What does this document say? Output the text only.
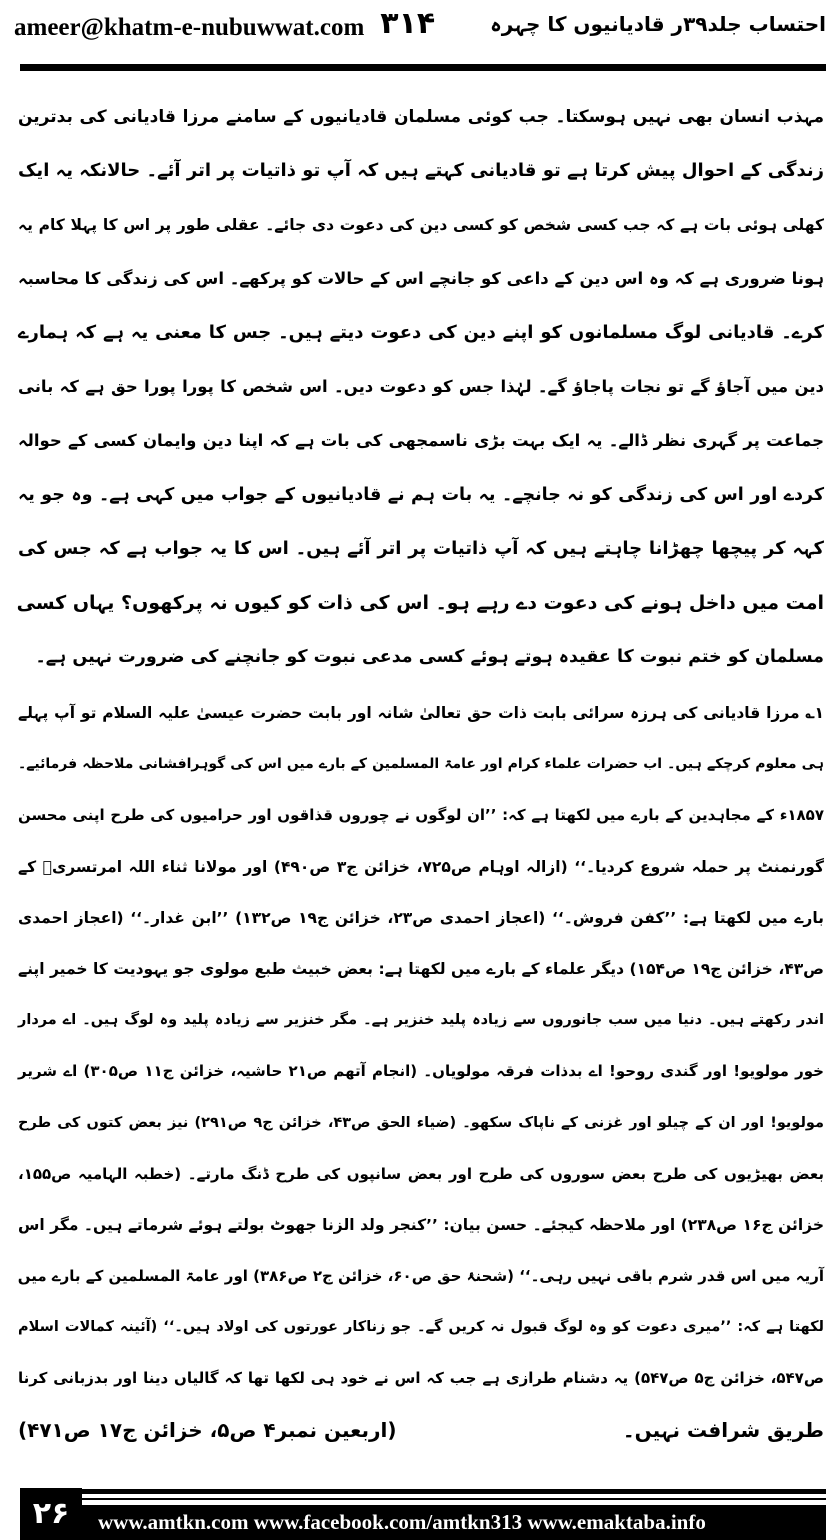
ameer@khatm-e-nubuwwat.com ۳۱۴	احتساب جلد۳۹ر قادیانیوں کا چہرہ
مہذب انسان بھی نہیں ہوسکتا۔ جب کوئی مسلمان قادیانیوں کے سامنے مرزا قادیانی کی بدترین
زندگی کے احوال پیش کرتا ہے تو قادیانی کہتے ہیں کہ آپ تو ذاتیات پر اتر آئے۔ حالانکہ یہ ایک
کھلی ہوئی بات ہے کہ جب کسی شخص کو کسی دین کی دعوت دی جائے۔ عقلی طور پر اس کا پہلا کام یہ
ہونا ضروری ہے کہ وہ اس دین کے داعی کو جانچے اس کے حالات کو پرکھے۔ اس کی زندگی کا محاسبہ
کرے۔ قادیانی لوگ مسلمانوں کو اپنے دین کی دعوت دیتے ہیں۔ جس کا معنی یہ ہے کہ ہمارے
دین میں آجاؤ گے تو نجات پاجاؤ گے۔ لہٰذا جس کو دعوت دیں۔ اس شخص کا پورا پورا حق ہے کہ بانی
جماعت پر گہری نظر ڈالے۔ یہ ایک بہت بڑی ناسمجھی کی بات ہے کہ اپنا دین وایمان کسی کے حوالہ
کردے اور اس کی زندگی کو نہ جانچے۔ یہ بات ہم نے قادیانیوں کے جواب میں کہی ہے۔ وہ جو یہ
کہہ کر پیچھا چھڑانا چاہتے ہیں کہ آپ ذاتیات پر اتر آئے ہیں۔ اس کا یہ جواب ہے کہ جس کی
امت میں داخل ہونے کی دعوت دے رہے ہو۔ اس کی ذات کو کیوں نہ پرکھوں؟ یہاں کسی
مسلمان کو ختم نبوت کا عقیدہ ہوتے ہوئے کسی مدعی نبوت کو جانچنے کی ضرورت نہیں ہے۔
۱؎ مرزا قادیانی کی ہرزہ سرائی بابت ذات حق تعالیٰ شانہ اور بابت حضرت عیسیٰ علیہ السلام تو آپ پہلے
ہی معلوم کرچکے ہیں۔ اب حضرات علماء کرام اور عامۃ المسلمین کے بارے میں اس کی گوہرافشانی ملاحظہ فرمائیے۔
۱۸۵۷ء کے مجاہدین کے بارے میں لکھتا ہے کہ: ’’ان لوگوں نے چوروں قذاقوں اور حرامیوں کی طرح اپنی محسن
گورنمنٹ پر حملہ شروع کردیا۔‘‘ (ازالہ اوہام ص۷۲۵، خزائن ج۳ ص۴۹۰) اور مولانا ثناء اللہ امرتسریؒ کے
بارے میں لکھتا ہے: ’’کفن فروش۔‘‘ (اعجاز احمدی ص۲۳، خزائن ج۱۹ ص۱۳۲) ’’ابن غدار۔‘‘ (اعجاز احمدی
ص۴۳، خزائن ج۱۹ ص۱۵۴) دیگر علماء کے بارے میں لکھتا ہے: بعض خبیث طبع مولوی جو یہودیت کا خمیر اپنے
اندر رکھتے ہیں۔ دنیا میں سب جانوروں سے زیادہ پلید خنزیر ہے۔ مگر خنزیر سے زیادہ پلید وہ لوگ ہیں۔ اے مردار
خور مولویو! اور گندی روحو! اے بدذات فرقہ مولویاں۔ (انجام آتھم ص۲۱ حاشیہ، خزائن ج۱۱ ص۳۰۵) اے شریر
مولویو! اور ان کے چیلو اور غزنی کے ناپاک سکھو۔ (ضیاء الحق ص۴۳، خزائن ج۹ ص۲۹۱) نیز بعض کتوں کی طرح
بعض بھیڑیوں کی طرح بعض سوروں کی طرح اور بعض سانپوں کی طرح ڈنگ مارتے۔ (خطبہ الہامیہ ص۱۵۵،
خزائن ج۱۶ ص۲۳۸) اور ملاحظہ کیجئے۔ حسن بیان: ’’کنجر ولد الزنا جھوٹ بولتے ہوئے شرماتے ہیں۔ مگر اس
آریہ میں اس قدر شرم باقی نہیں رہی۔‘‘ (شحنۂ حق ص۶۰، خزائن ج۲ ص۳۸۶) اور عامۃ المسلمین کے بارے میں
لکھتا ہے کہ: ’’میری دعوت کو وہ لوگ قبول نہ کریں گے۔ جو زناکار عورتوں کی اولاد ہیں۔‘‘ (آئینہ کمالات اسلام
ص۵۴۷، خزائن ج۵ ص۵۴۷) یہ دشنام طرازی ہے جب کہ اس نے خود ہی لکھا تھا کہ گالیاں دینا اور بدزبانی کرنا
طریق شرافت نہیں۔
(اربعین نمبر۴ ص۵، خزائن ج۱۷ ص۴۷۱)
۲۶	www.amtkn.com www.facebook.com/amtkn313 www.emaktaba.info
